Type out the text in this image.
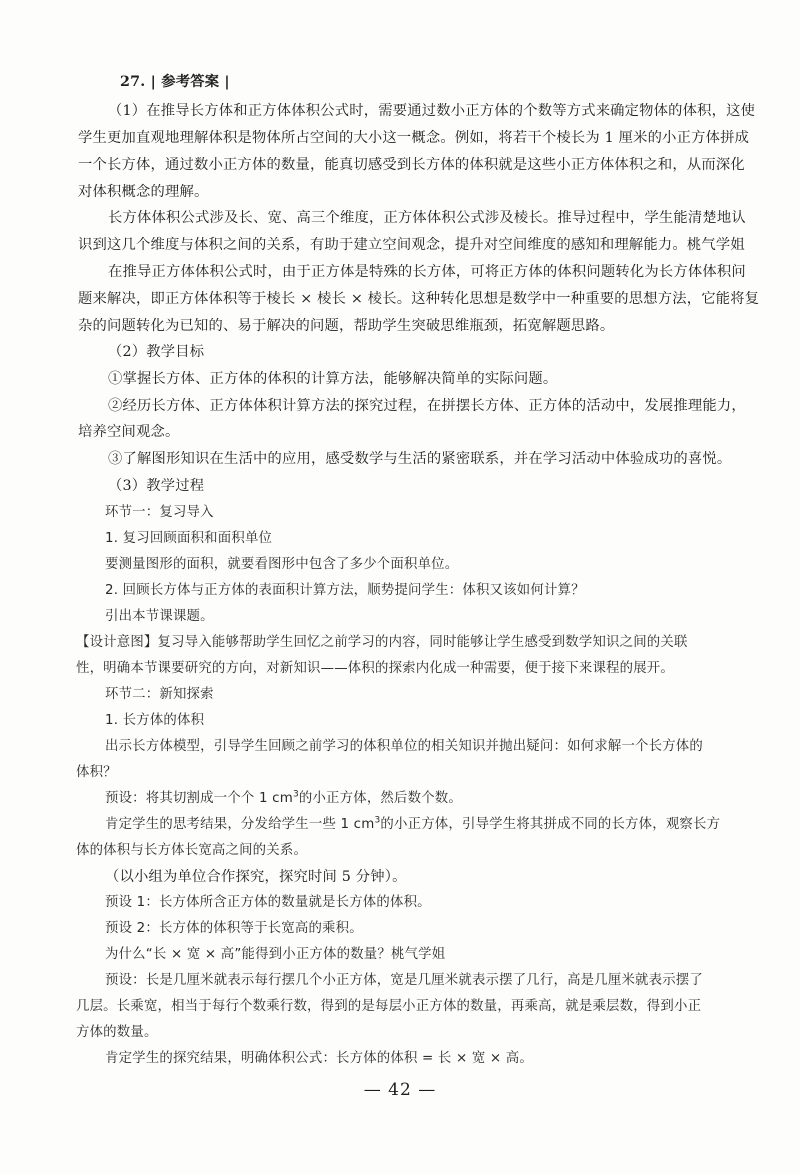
27. | 参考答案 |
（1）在推导长方体和正方体体积公式时，需要通过数小正方体的个数等方式来确定物体的体积，这使
学生更加直观地理解体积是物体所占空间的大小这一概念。例如，将若干个棱长为 1 厘米的小正方体拼成
一个长方体，通过数小正方体的数量，能真切感受到长方体的体积就是这些小正方体体积之和，从而深化
对体积概念的理解。
长方体体积公式涉及长、宽、高三个维度，正方体体积公式涉及棱长。推导过程中，学生能清楚地认
识到这几个维度与体积之间的关系，有助于建立空间观念，提升对空间维度的感知和理解能力。桃气学姐
在推导正方体体积公式时，由于正方体是特殊的长方体，可将正方体的体积问题转化为长方体体积问
题来解决，即正方体体积等于棱长 × 棱长 × 棱长。这种转化思想是数学中一种重要的思想方法，它能将复
杂的问题转化为已知的、易于解决的问题，帮助学生突破思维瓶颈，拓宽解题思路。
（2）教学目标
①掌握长方体、正方体的体积的计算方法，能够解决简单的实际问题。
②经历长方体、正方体体积计算方法的探究过程，在拼摆长方体、正方体的活动中，发展推理能力，
培养空间观念。
③了解图形知识在生活中的应用，感受数学与生活的紧密联系，并在学习活动中体验成功的喜悦。
（3）教学过程
环节一：复习导入
1. 复习回顾面积和面积单位
要测量图形的面积，就要看图形中包含了多少个面积单位。
2. 回顾长方体与正方体的表面积计算方法，顺势提问学生：体积又该如何计算？
引出本节课课题。
【设计意图】复习导入能够帮助学生回忆之前学习的内容，同时能够让学生感受到数学知识之间的关联
性，明确本节课要研究的方向，对新知识——体积的探索内化成一种需要，便于接下来课程的展开。
环节二：新知探索
1. 长方体的体积
出示长方体模型，引导学生回顾之前学习的体积单位的相关知识并抛出疑问：如何求解一个长方体的
体积？
预设：将其切割成一个个 1 $cm^3$的小正方体，然后数个数。
肯定学生的思考结果，分发给学生一些 1 $cm^3$的小正方体，引导学生将其拼成不同的长方体，观察长方
体的体积与长方体长宽高之间的关系。
（以小组为单位合作探究，探究时间 5 分钟）。
预设 1：长方体所含正方体的数量就是长方体的体积。
预设 2：长方体的体积等于长宽高的乘积。
为什么“长 × 宽 × 高”能得到小正方体的数量？桃气学姐
预设：长是几厘米就表示每行摆几个小正方体，宽是几厘米就表示摆了几行，高是几厘米就表示摆了
几层。长乘宽，相当于每行个数乘行数，得到的是每层小正方体的数量，再乘高，就是乘层数，得到小正
方体的数量。
肯定学生的探究结果，明确体积公式：长方体的体积 = 长 × 宽 × 高。
— 42 —
